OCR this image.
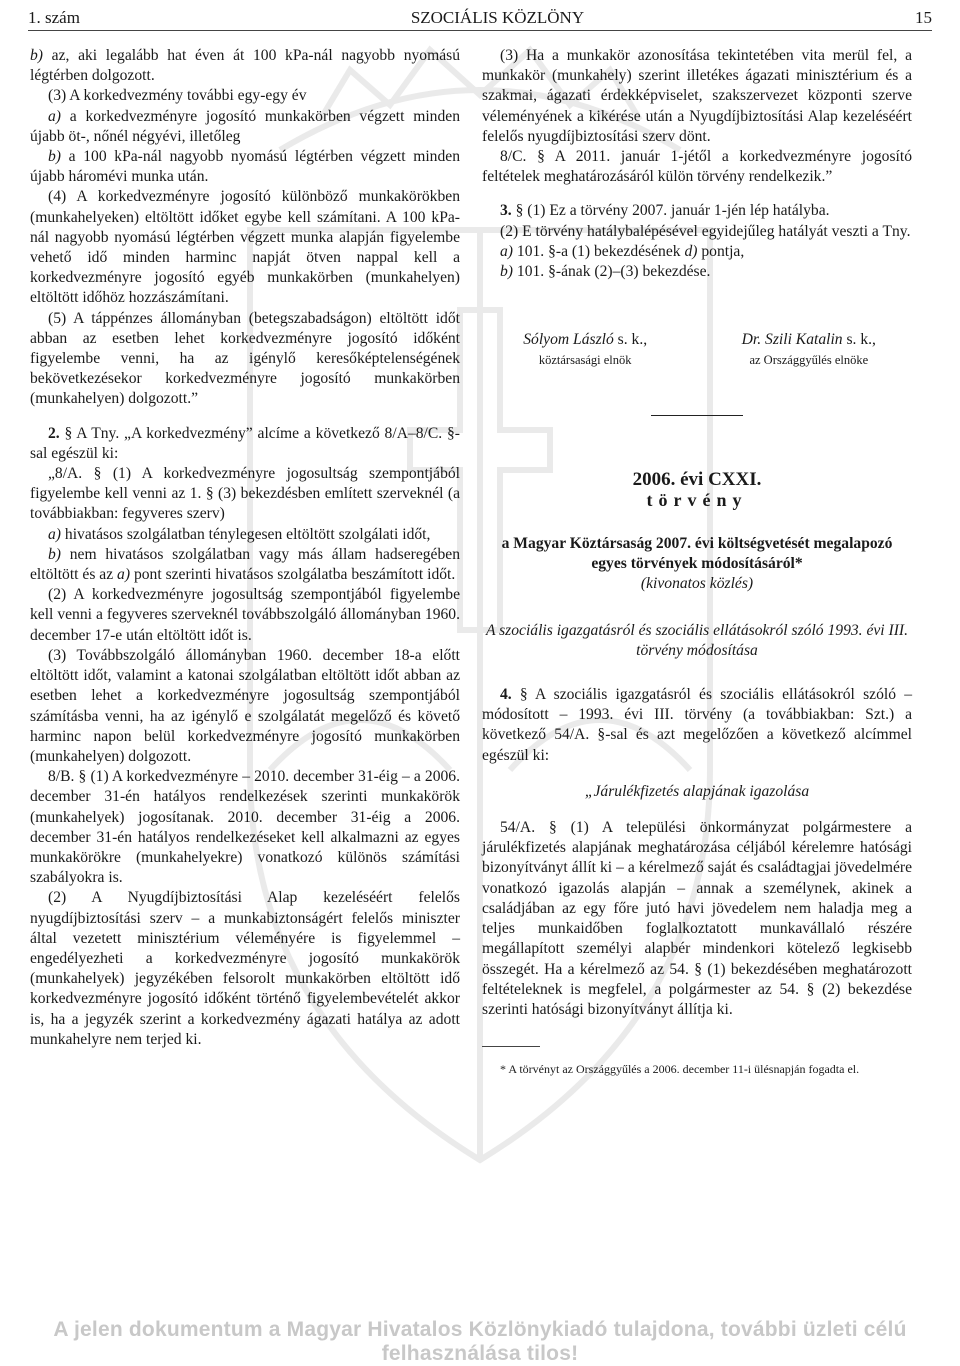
1. szám	SZOCIÁLIS KÖZLÖNY	15

b) az, aki legalább hat éven át 100 kPa-nál nagyobb nyomású légtérben dolgozott.

(3) A korkedvezmény további egy-egy év

a) a korkedvezményre jogosító munkakörben végzett minden újabb öt-, nőnél négyévi, illetőleg

b) a 100 kPa-nál nagyobb nyomású légtérben végzett minden újabb háromévi munka után.

(4) A korkedvezményre jogosító különböző munkakörökben (munkahelyeken) eltöltött időket egybe kell számítani. A 100 kPa-nál nagyobb nyomású légtérben végzett munka alapján figyelembe vehető idő minden harminc napját ötven nappal kell a korkedvezményre jogosító egyéb munkakörben (munkahelyen) eltöltött időhöz hozzászámítani.

(5) A táppénzes állományban (betegszabadságon) eltöltött időt abban az esetben lehet korkedvezményre jogosító időként figyelembe venni, ha az igénylő keresőképtelenségének bekövetkezésekor korkedvezményre jogosító munkakörben (munkahelyen) dolgozott.”

2. § A Tny. „A korkedvezmény” alcíme a következő 8/A–8/C. §-sal egészül ki:

„8/A. § (1) A korkedvezményre jogosultság szempontjából figyelembe kell venni az 1. § (3) bekezdésben említett szerveknél (a továbbiakban: fegyveres szerv)

a) hivatásos szolgálatban ténylegesen eltöltött szolgálati időt,

b) nem hivatásos szolgálatban vagy más állam hadseregében eltöltött és az a) pont szerinti hivatásos szolgálatba beszámított időt.

(2) A korkedvezményre jogosultság szempontjából figyelembe kell venni a fegyveres szerveknél továbbszolgáló állományban 1960. december 17-e után eltöltött időt is.

(3) Továbbszolgáló állományban 1960. december 18-a előtt eltöltött időt, valamint a katonai szolgálatban eltöltött időt abban az esetben lehet a korkedvezményre jogosultság szempontjából számításba venni, ha az igénylő e szolgálatát megelőző és követő harminc napon belül korkedvezményre jogosító munkakörben (munkahelyen) dolgozott.

8/B. § (1) A korkedvezményre – 2010. december 31-éig – a 2006. december 31-én hatályos rendelkezések szerinti munkakörök (munkahelyek) jogosítanak. 2010. december 31-éig a 2006. december 31-én hatályos rendelkezéseket kell alkalmazni az egyes munkakörökre (munkahelyekre) vonatkozó különös számítási szabályokra is.

(2) A Nyugdíjbiztosítási Alap kezeléséért felelős nyugdíjbiztosítási szerv – a munkabiztonságért felelős miniszter által vezetett minisztérium véleményére is figyelemmel – engedélyezheti a korkedvezményre jogosító munkakörök (munkahelyek) jegyzékében felsorolt munkakörben eltöltött idő korkedvezményre jogosító időként történő figyelembevételét akkor is, ha a jegyzék szerint a korkedvezmény ágazati hatálya az adott munkahelyre nem terjed ki.

(3) Ha a munkakör azonosítása tekintetében vita merül fel, a munkakör (munkahely) szerint illetékes ágazati minisztérium és a szakmai, ágazati érdekképviselet, szakszervezet központi szerve véleményének a kikérése után a Nyugdíjbiztosítási Alap kezeléséért felelős nyugdíjbiztosítási szerv dönt.

8/C. § A 2011. január 1-jétől a korkedvezményre jogosító feltételek meghatározásáról külön törvény rendelkezik.”

3. § (1) Ez a törvény 2007. január 1-jén lép hatályba.

(2) E törvény hatálybalépésével egyidejűleg hatályát veszti a Tny.

a) 101. §-a (1) bekezdésének d) pontja,

b) 101. §-ának (2)–(3) bekezdése.

Sólyom László s. k.,
köztársasági elnök
Dr. Szili Katalin s. k.,
az Országgyűlés elnöke

2006. évi CXXI.

törvény

a Magyar Köztársaság 2007. évi költségvetését megalapozó egyes törvények módosításáról*

(kivonatos közlés)

A szociális igazgatásról és szociális ellátásokról szóló 1993. évi III. törvény módosítása

4. § A szociális igazgatásról és szociális ellátásokról szóló – módosított – 1993. évi III. törvény (a továbbiakban: Szt.) a következő 54/A. §-sal és azt megelőzően a következő alcímmel egészül ki:

„Járulékfizetés alapjának igazolása

54/A. § (1) A települési önkormányzat polgármestere a járulékfizetés alapjának meghatározása céljából kérelemre hatósági bizonyítványt állít ki – a kérelmező saját és családtagjai jövedelmére vonatkozó igazolás alapján – annak a személynek, akinek a családjában az egy főre jutó havi jövedelem nem haladja meg a teljes munkaidőben foglalkoztatott munkavállaló részére megállapított személyi alapbér mindenkori kötelező legkisebb összegét. Ha a kérelmező az 54. § (1) bekezdésében meghatározott feltételeknek is megfelel, a polgármester az 54. § (2) bekezdése szerinti hatósági bizonyítványt állítja ki.

* A törvényt az Országgyűlés a 2006. december 11-i ülésnapján fogadta el.

A jelen dokumentum a Magyar Hivatalos Közlönykiadó tulajdona, további üzleti célú felhasználása tilos!
